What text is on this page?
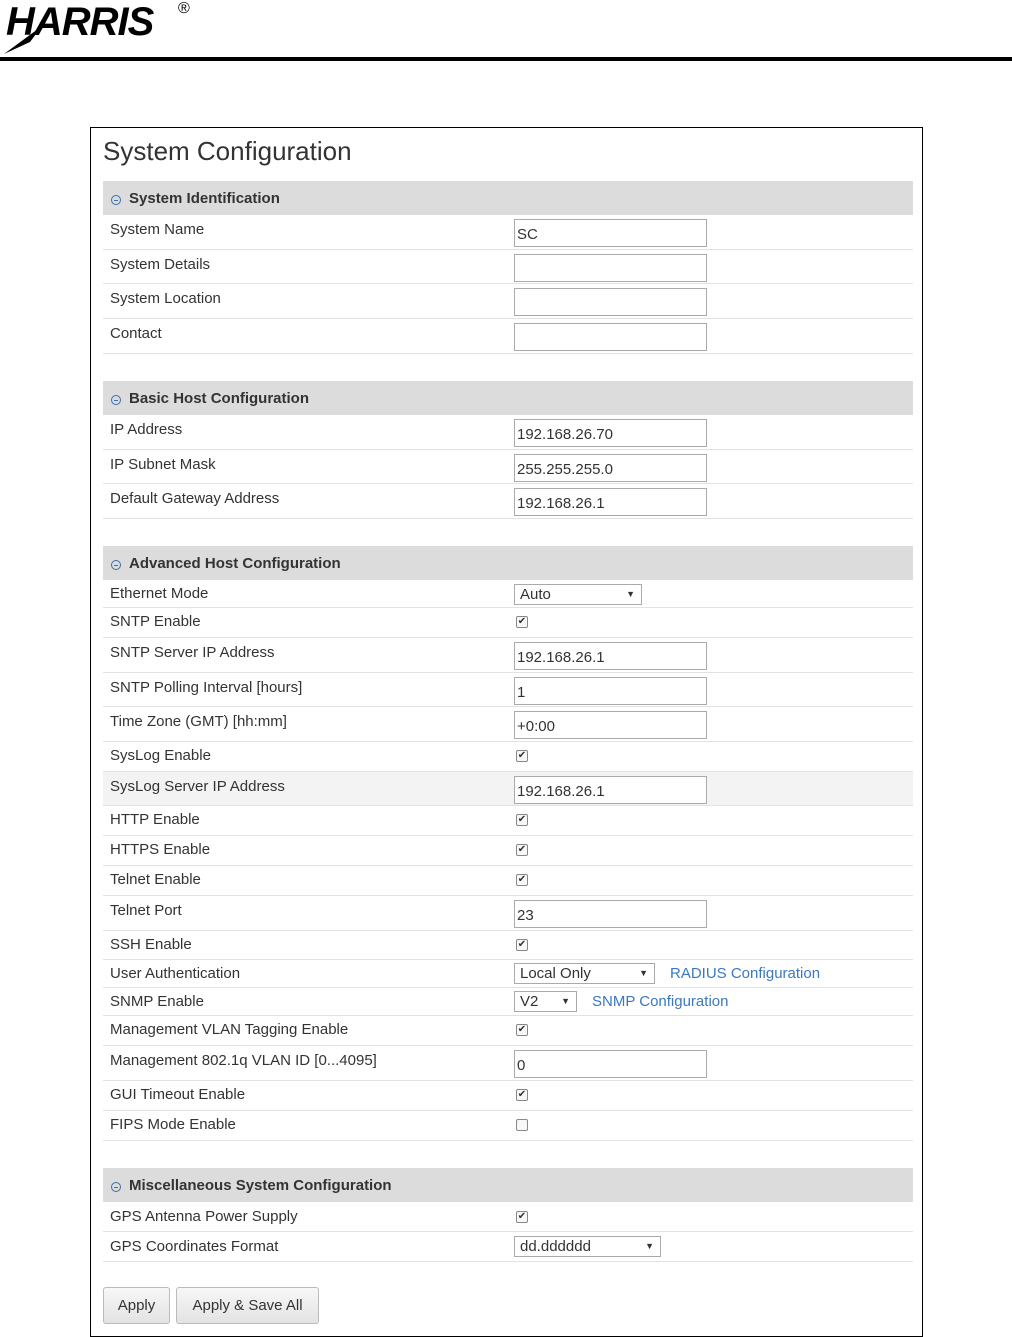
HARRIS ®
System Configuration
System Identification
System Name	SC
System Details
System Location
Contact
Basic Host Configuration
IP Address	192.168.26.70
IP Subnet Mask	255.255.255.0
Default Gateway Address	192.168.26.1
Advanced Host Configuration
Ethernet Mode	Auto	▼
SNTP Enable	✔
SNTP Server IP Address	192.168.26.1
SNTP Polling Interval [hours]	1
Time Zone (GMT) [hh:mm]	+0:00
SysLog Enable	✔
SysLog Server IP Address	192.168.26.1
HTTP Enable	✔
HTTPS Enable	✔
Telnet Enable	✔
Telnet Port	23
SSH Enable	✔
User Authentication	Local Only	▼ RADIUS Configuration
SNMP Enable	V2	▼ SNMP Configuration
Management VLAN Tagging Enable	✔
Management 802.1q VLAN ID [0...4095]	0
GUI Timeout Enable	✔
FIPS Mode Enable
Miscellaneous System Configuration
GPS Antenna Power Supply	✔
GPS Coordinates Format	dd.dddddd	▼
Apply	Apply & Save All
